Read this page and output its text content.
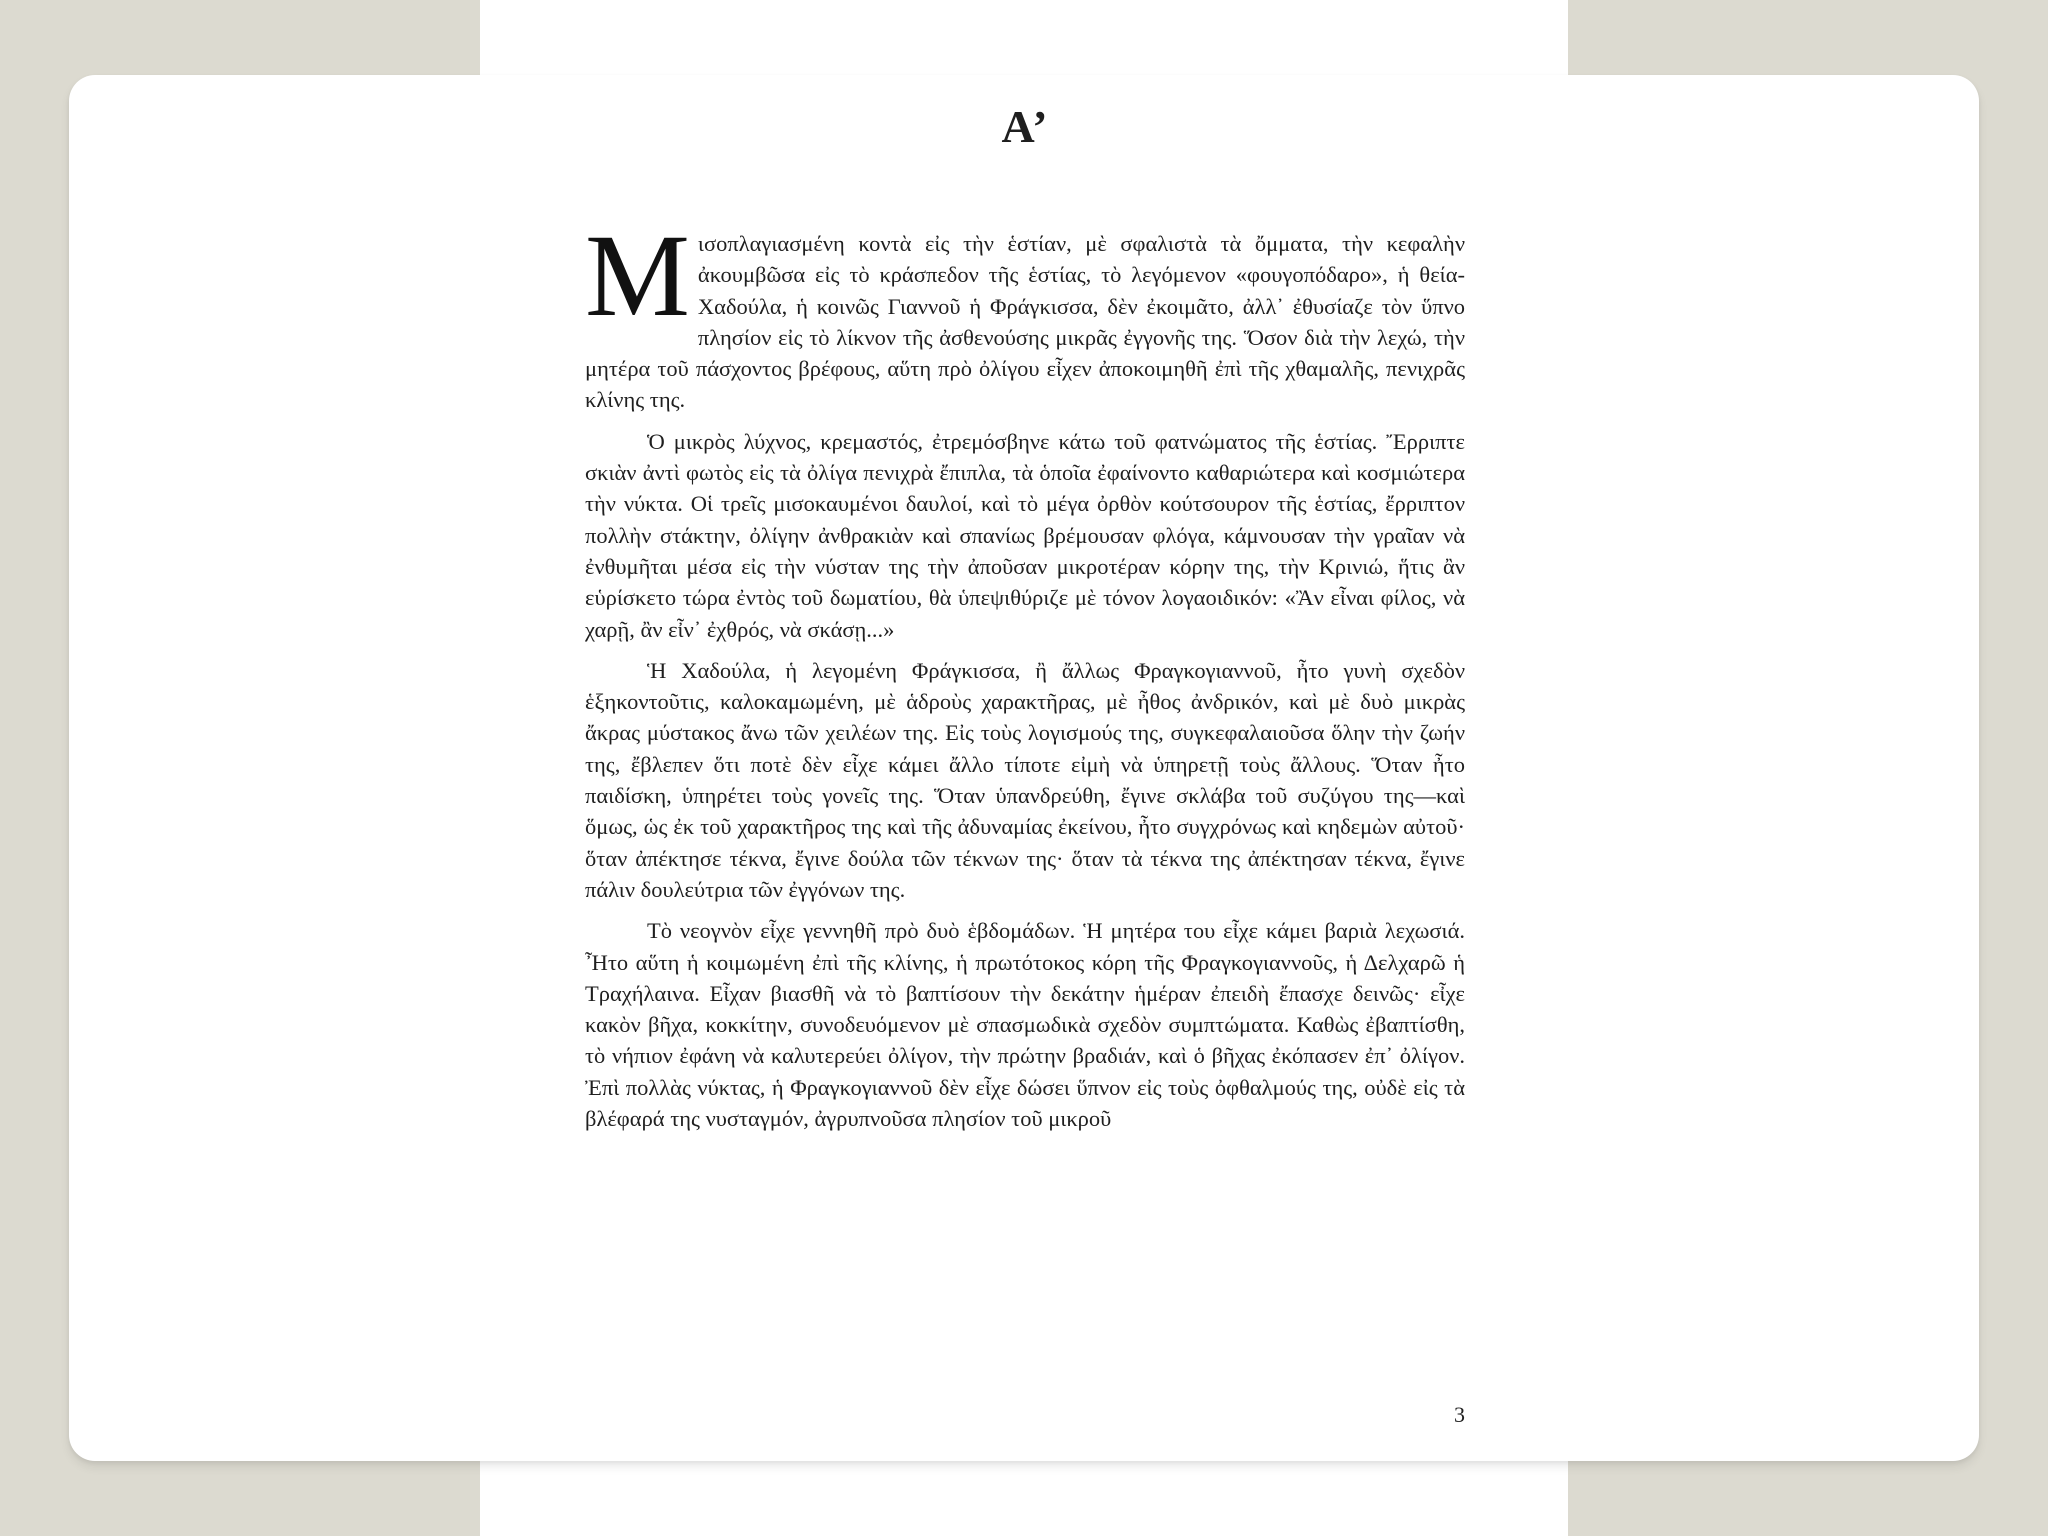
Α’

Μισοπλαγιασμένη κοντὰ εἰς τὴν ἑστίαν, μὲ σφαλιστὰ τὰ ὄμματα, τὴν κεφαλὴν ἀκουμβῶσα εἰς τὸ κράσπεδον τῆς ἑστίας, τὸ λεγόμενον «φουγοπόδαρο», ἡ θεία-Χαδούλα, ἡ κοινῶς Γιαννοῦ ἡ Φράγκισσα, δὲν ἐκοιμᾶτο, ἀλλ᾽ ἐθυσίαζε τὸν ὕπνο πλησίον εἰς τὸ λίκνον τῆς ἀσθενούσης μικρᾶς ἐγγονῆς της. Ὅσον διὰ τὴν λεχώ, τὴν μητέρα τοῦ πάσχοντος βρέφους, αὕτη πρὸ ὀλίγου εἶχεν ἀποκοιμηθῆ ἐπὶ τῆς χθαμαλῆς, πενιχρᾶς κλίνης της.

Ὁ μικρὸς λύχνος, κρεμαστός, ἐτρεμόσβηνε κάτω τοῦ φατνώματος τῆς ἑστίας. Ἔρριπτε σκιὰν ἀντὶ φωτὸς εἰς τὰ ὀλίγα πενιχρὰ ἔπιπλα, τὰ ὁποῖα ἐφαίνοντο καθαριώτερα καὶ κοσμιώτερα τὴν νύκτα. Οἱ τρεῖς μισοκαυμένοι δαυλοί, καὶ τὸ μέγα ὀρθὸν κούτσουρον τῆς ἑστίας, ἔρριπτον πολλὴν στάκτην, ὀλίγην ἀνθρακιὰν καὶ σπανίως βρέμουσαν φλόγα, κάμνουσαν τὴν γραῖαν νὰ ἐνθυμῆται μέσα εἰς τὴν νύσταν της τὴν ἀποῦσαν μικροτέραν κόρην της, τὴν Κρινιώ, ἥτις ἂν εὑρίσκετο τώρα ἐντὸς τοῦ δωματίου, θὰ ὑπεψιθύριζε μὲ τόνον λογαοιδικόν: «Ἂν εἶναι φίλος, νὰ χαρῇ, ἂν εἶν᾽ ἐχθρός, νὰ σκάσῃ...»

Ἡ Χαδούλα, ἡ λεγομένη Φράγκισσα, ἢ ἄλλως Φραγκογιαννοῦ, ἦτο γυνὴ σχεδὸν ἑξηκοντοῦτις, καλοκαμωμένη, μὲ ἁδροὺς χαρακτῆρας, μὲ ἦθος ἀνδρικόν, καὶ μὲ δυὸ μικρὰς ἄκρας μύστακος ἄνω τῶν χειλέων της. Εἰς τοὺς λογισμούς της, συγκεφαλαιοῦσα ὅλην τὴν ζωήν της, ἔβλεπεν ὅτι ποτὲ δὲν εἶχε κάμει ἄλλο τίποτε εἰμὴ νὰ ὑπηρετῇ τοὺς ἄλλους. Ὅταν ἦτο παιδίσκη, ὑπηρέτει τοὺς γονεῖς της. Ὅταν ὑπανδρεύθη, ἔγινε σκλάβα τοῦ συζύγου της—καὶ ὅμως, ὡς ἐκ τοῦ χαρακτῆρος της καὶ τῆς ἀδυναμίας ἐκείνου, ἦτο συγχρόνως καὶ κηδεμὼν αὐτοῦ· ὅταν ἀπέκτησε τέκνα, ἔγινε δούλα τῶν τέκνων της· ὅταν τὰ τέκνα της ἀπέκτησαν τέκνα, ἔγινε πάλιν δουλεύτρια τῶν ἐγγόνων της.

Τὸ νεογνὸν εἶχε γεννηθῆ πρὸ δυὸ ἑβδομάδων. Ἡ μητέρα του εἶχε κάμει βαριὰ λεχωσιά. Ἦτο αὕτη ἡ κοιμωμένη ἐπὶ τῆς κλίνης, ἡ πρωτότοκος κόρη τῆς Φραγκογιαννοῦς, ἡ Δελχαρῶ ἡ Τραχήλαινα. Εἶχαν βιασθῆ νὰ τὸ βαπτίσουν τὴν δεκάτην ἡμέραν ἐπειδὴ ἔπασχε δεινῶς· εἶχε κακὸν βῆχα, κοκκίτην, συνοδευόμενον μὲ σπασμωδικὰ σχεδὸν συμπτώματα. Καθὼς ἐβαπτίσθη, τὸ νήπιον ἐφάνη νὰ καλυτερεύει ὀλίγον, τὴν πρώτην βραδιάν, καὶ ὁ βῆχας ἐκόπασεν ἐπ᾽ ὀλίγον. Ἐπὶ πολλὰς νύκτας, ἡ Φραγκογιαννοῦ δὲν εἶχε δώσει ὕπνον εἰς τοὺς ὀφθαλμούς της, οὐδὲ εἰς τὰ βλέφαρά της νυσταγμόν, ἀγρυπνοῦσα πλησίον τοῦ μικροῦ

3
